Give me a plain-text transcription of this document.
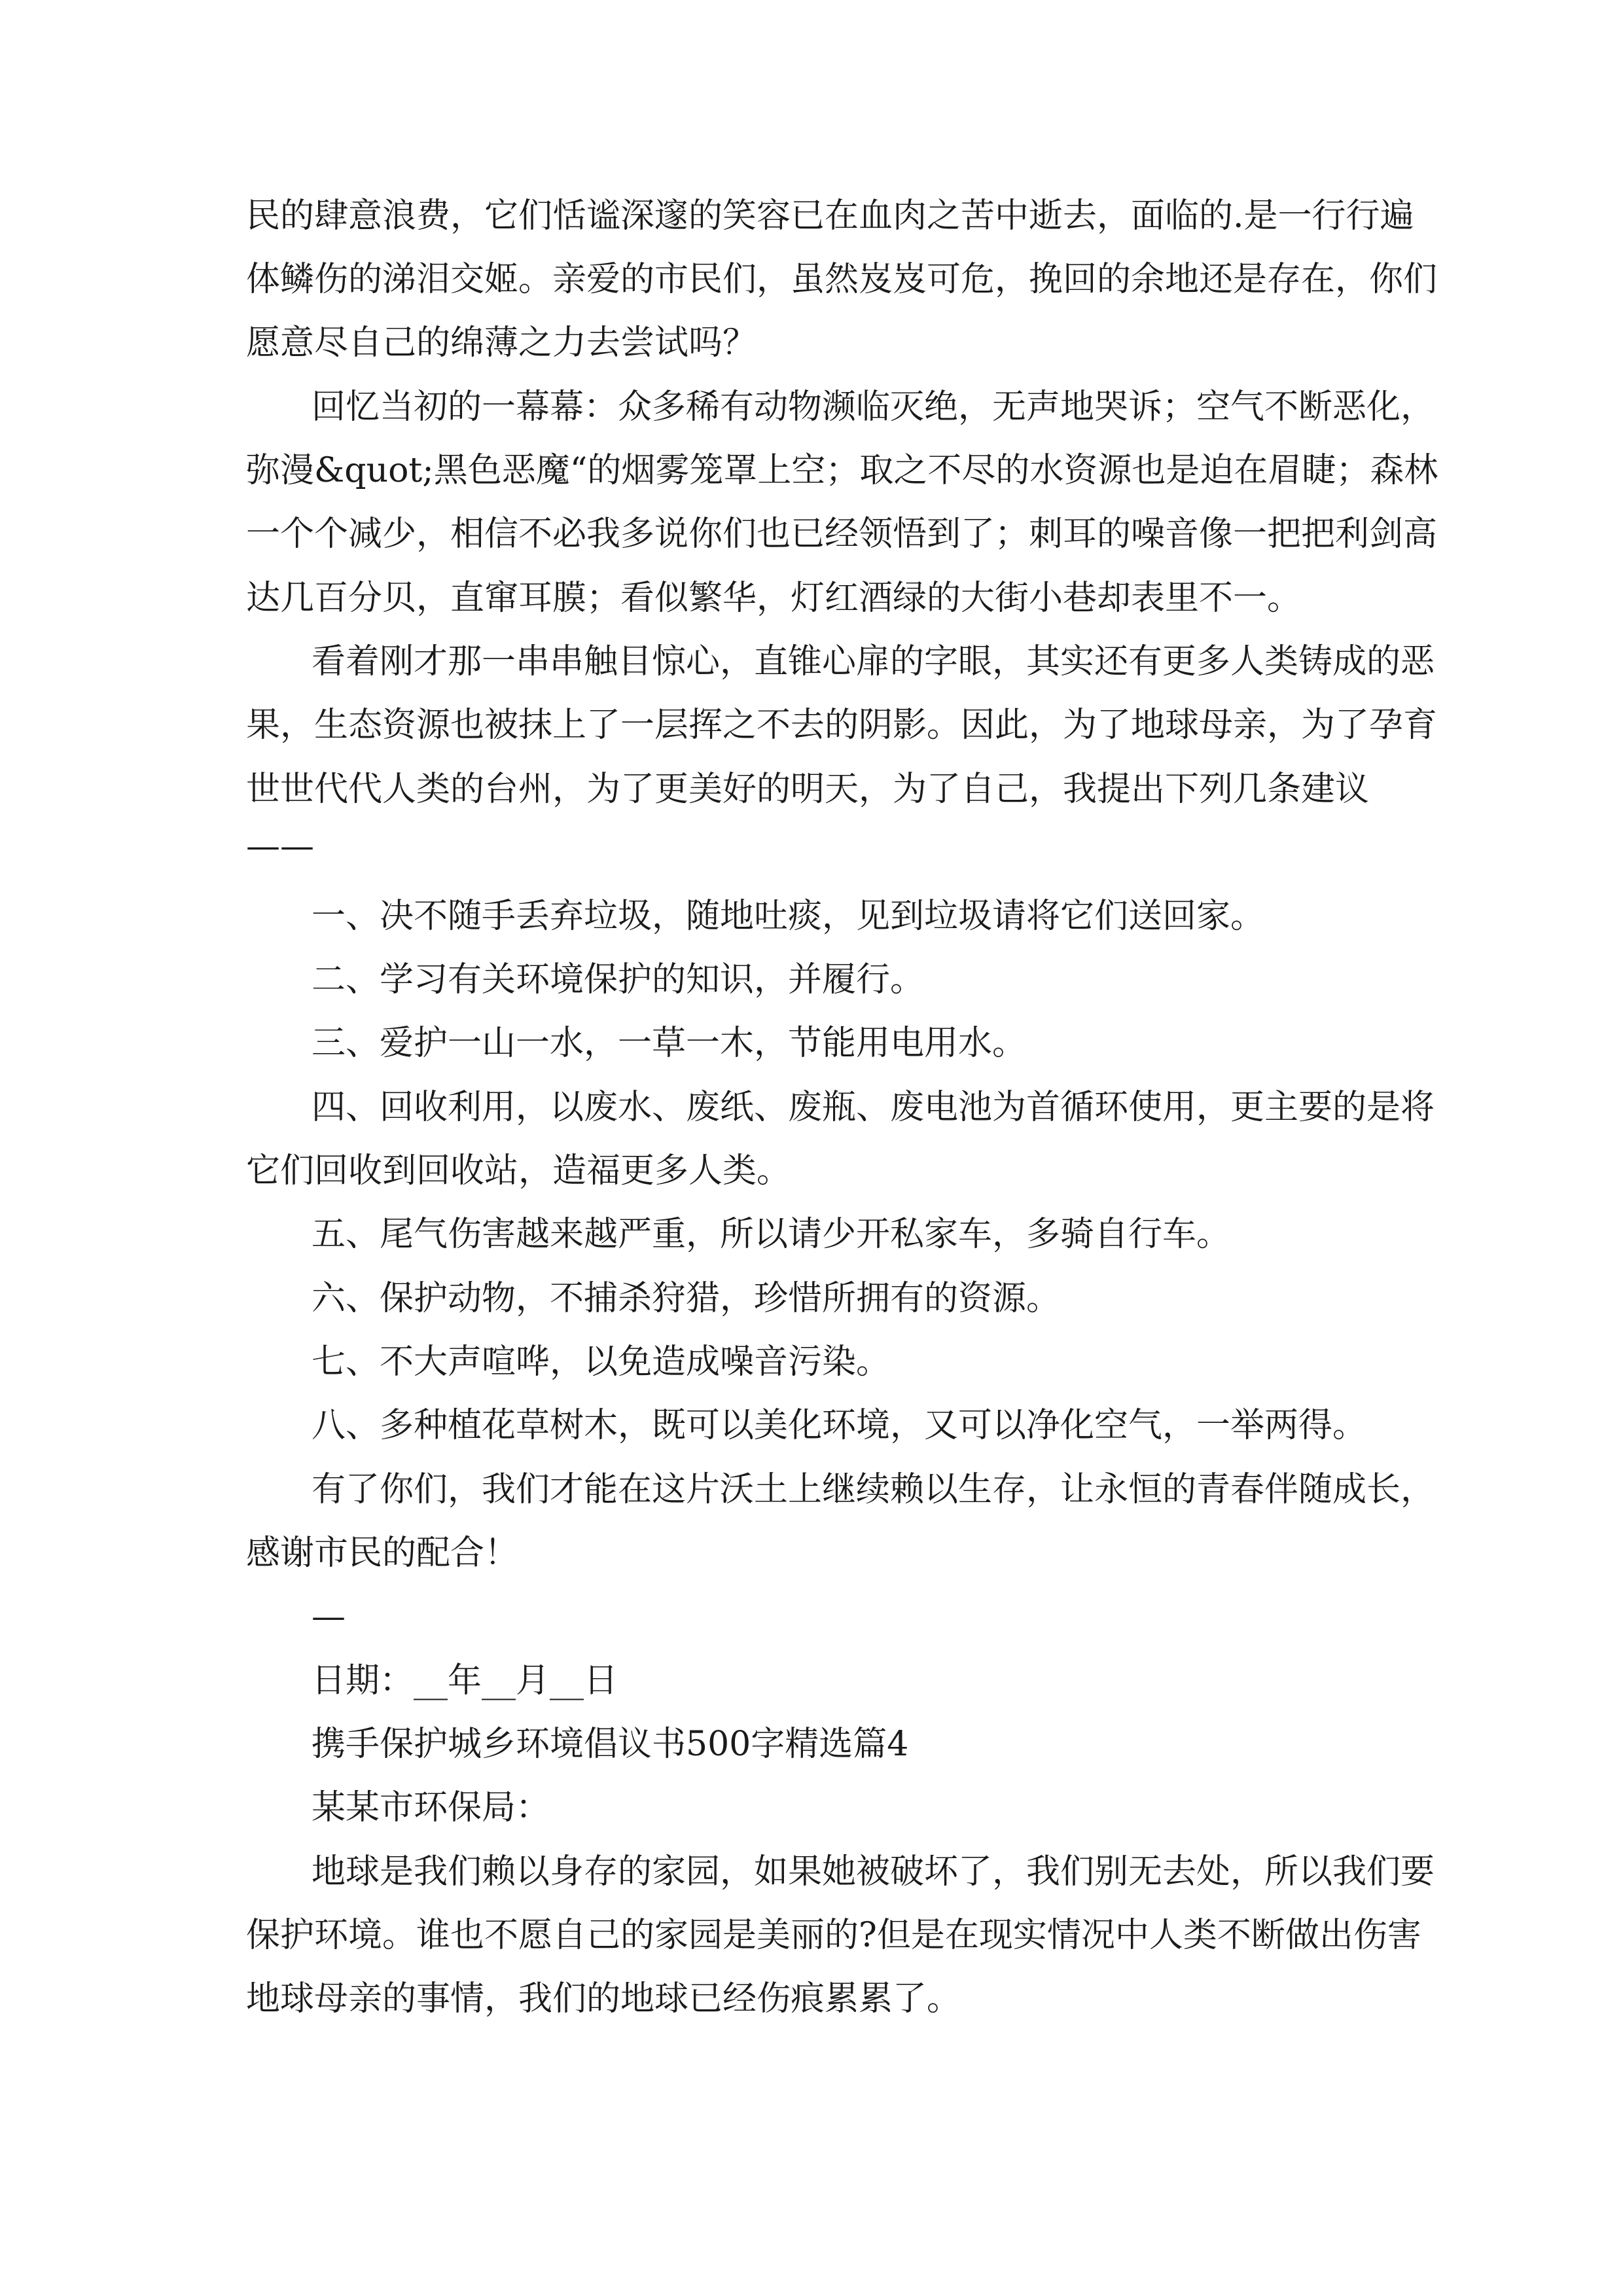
民的肆意浪费，它们恬谧深邃的笑容已在血肉之苦中逝去，面临的.是一行行遍
体鳞伤的涕泪交姬。亲爱的市民们，虽然岌岌可危，挽回的余地还是存在，你们
愿意尽自己的绵薄之力去尝试吗？
回忆当初的一幕幕：众多稀有动物濒临灭绝，无声地哭诉；空气不断恶化，
弥漫&quot;黑色恶魔“的烟雾笼罩上空；取之不尽的水资源也是迫在眉睫；森林
一个个减少，相信不必我多说你们也已经领悟到了；刺耳的噪音像一把把利剑高
达几百分贝，直窜耳膜；看似繁华，灯红酒绿的大街小巷却表里不一。
看着刚才那一串串触目惊心，直锥心扉的字眼，其实还有更多人类铸成的恶
果，生态资源也被抹上了一层挥之不去的阴影。因此，为了地球母亲，为了孕育
世世代代人类的台州，为了更美好的明天，为了自己，我提出下列几条建议
——
一、决不随手丢弃垃圾，随地吐痰，见到垃圾请将它们送回家。
二、学习有关环境保护的知识，并履行。
三、爱护一山一水，一草一木，节能用电用水。
四、回收利用，以废水、废纸、废瓶、废电池为首循环使用，更主要的是将
它们回收到回收站，造福更多人类。
五、尾气伤害越来越严重，所以请少开私家车，多骑自行车。
六、保护动物，不捕杀狩猎，珍惜所拥有的资源。
七、不大声喧哗，以免造成噪音污染。
八、多种植花草树木，既可以美化环境，又可以净化空气，一举两得。
有了你们，我们才能在这片沃土上继续赖以生存，让永恒的青春伴随成长，
感谢市民的配合！
—
日期：__年__月__日
携手保护城乡环境倡议书500字精选篇4
某某市环保局：
地球是我们赖以身存的家园，如果她被破坏了，我们别无去处，所以我们要
保护环境。谁也不愿自己的家园是美丽的?但是在现实情况中人类不断做出伤害
地球母亲的事情，我们的地球已经伤痕累累了。
